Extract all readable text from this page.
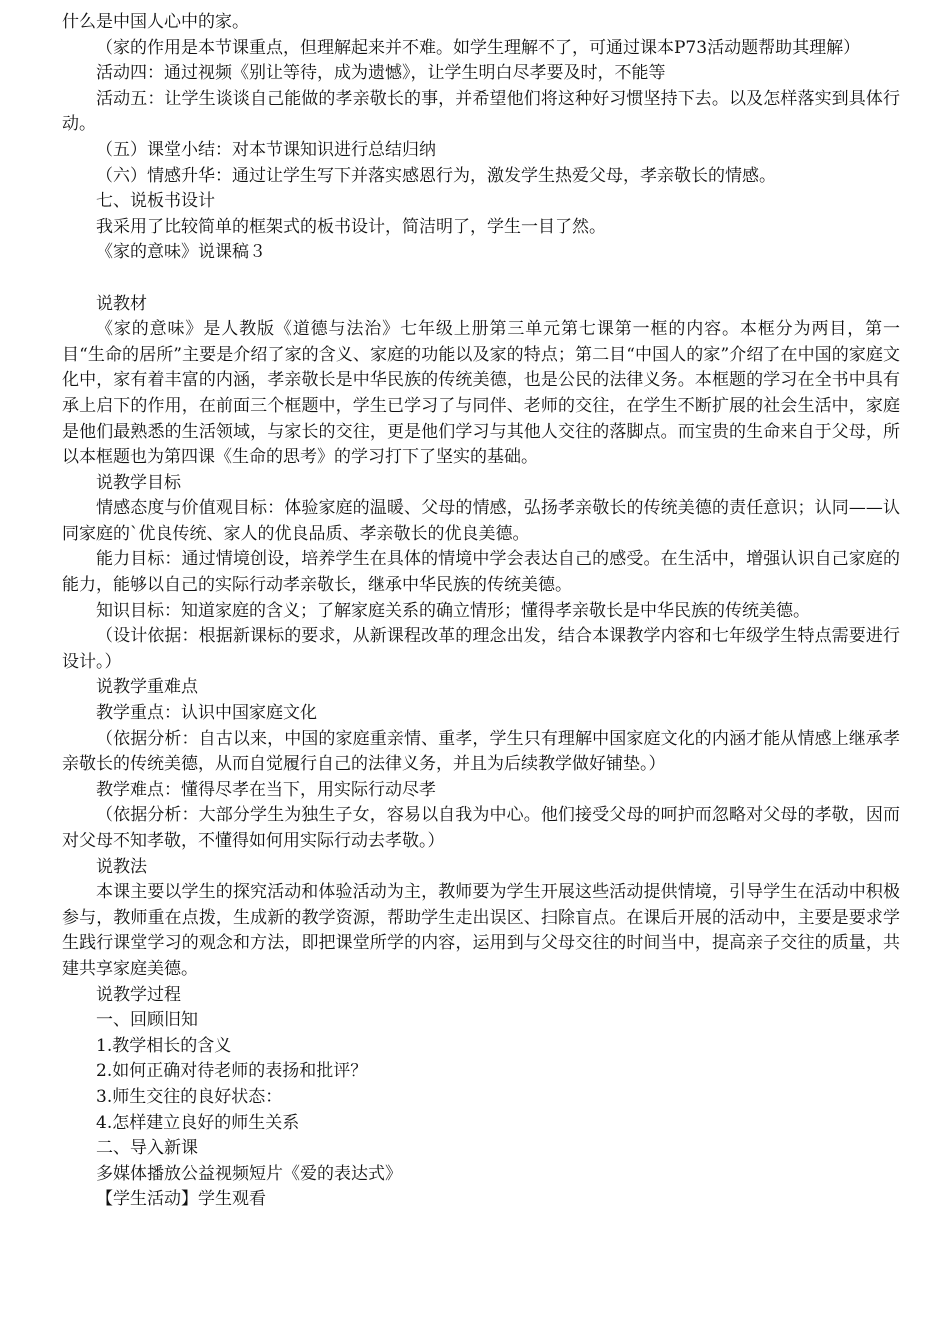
什么是中国人心中的家。

（家的作用是本节课重点，但理解起来并不难。如学生理解不了，可通过课本P73活动题帮助其理解）

活动四：通过视频《别让等待，成为遗憾》，让学生明白尽孝要及时，不能等

活动五：让学生谈谈自己能做的孝亲敬长的事，并希望他们将这种好习惯坚持下去。以及怎样落实到具体行动。

（五）课堂小结：对本节课知识进行总结归纳

（六）情感升华：通过让学生写下并落实感恩行为，激发学生热爱父母，孝亲敬长的情感。

七、说板书设计

我采用了比较简单的框架式的板书设计，简洁明了，学生一目了然。

《家的意味》说课稿３

说教材

《家的意味》是人教版《道德与法治》七年级上册第三单元第七课第一框的内容。本框分为两目，第一目“生命的居所”主要是介绍了家的含义、家庭的功能以及家的特点；第二目“中国人的家”介绍了在中国的家庭文化中，家有着丰富的内涵，孝亲敬长是中华民族的传统美德，也是公民的法律义务。本框题的学习在全书中具有承上启下的作用，在前面三个框题中，学生已学习了与同伴、老师的交往，在学生不断扩展的社会生活中，家庭是他们最熟悉的生活领域，与家长的交往，更是他们学习与其他人交往的落脚点。而宝贵的生命来自于父母，所以本框题也为第四课《生命的思考》的学习打下了坚实的基础。

说教学目标

情感态度与价值观目标：体验家庭的温暖、父母的情感，弘扬孝亲敬长的传统美德的责任意识；认同——认同家庭的`优良传统、家人的优良品质、孝亲敬长的优良美德。

能力目标：通过情境创设，培养学生在具体的情境中学会表达自己的感受。在生活中，增强认识自己家庭的能力，能够以自己的实际行动孝亲敬长，继承中华民族的传统美德。

知识目标：知道家庭的含义；了解家庭关系的确立情形；懂得孝亲敬长是中华民族的传统美德。

（设计依据：根据新课标的要求，从新课程改革的理念出发，结合本课教学内容和七年级学生特点需要进行设计。）

说教学重难点

教学重点：认识中国家庭文化

（依据分析：自古以来，中国的家庭重亲情、重孝，学生只有理解中国家庭文化的内涵才能从情感上继承孝亲敬长的传统美德，从而自觉履行自己的法律义务，并且为后续教学做好铺垫。）

教学难点：懂得尽孝在当下，用实际行动尽孝

（依据分析：大部分学生为独生子女，容易以自我为中心。他们接受父母的呵护而忽略对父母的孝敬，因而对父母不知孝敬，不懂得如何用实际行动去孝敬。）

说教法

本课主要以学生的探究活动和体验活动为主，教师要为学生开展这些活动提供情境，引导学生在活动中积极参与，教师重在点拨，生成新的教学资源，帮助学生走出误区、扫除盲点。在课后开展的活动中，主要是要求学生践行课堂学习的观念和方法，即把课堂所学的内容，运用到与父母交往的时间当中，提高亲子交往的质量，共建共享家庭美德。

说教学过程

一、回顾旧知

1.教学相长的含义

2.如何正确对待老师的表扬和批评？

3.师生交往的良好状态：

4.怎样建立良好的师生关系

二、导入新课

多媒体播放公益视频短片《爱的表达式》

【学生活动】学生观看
